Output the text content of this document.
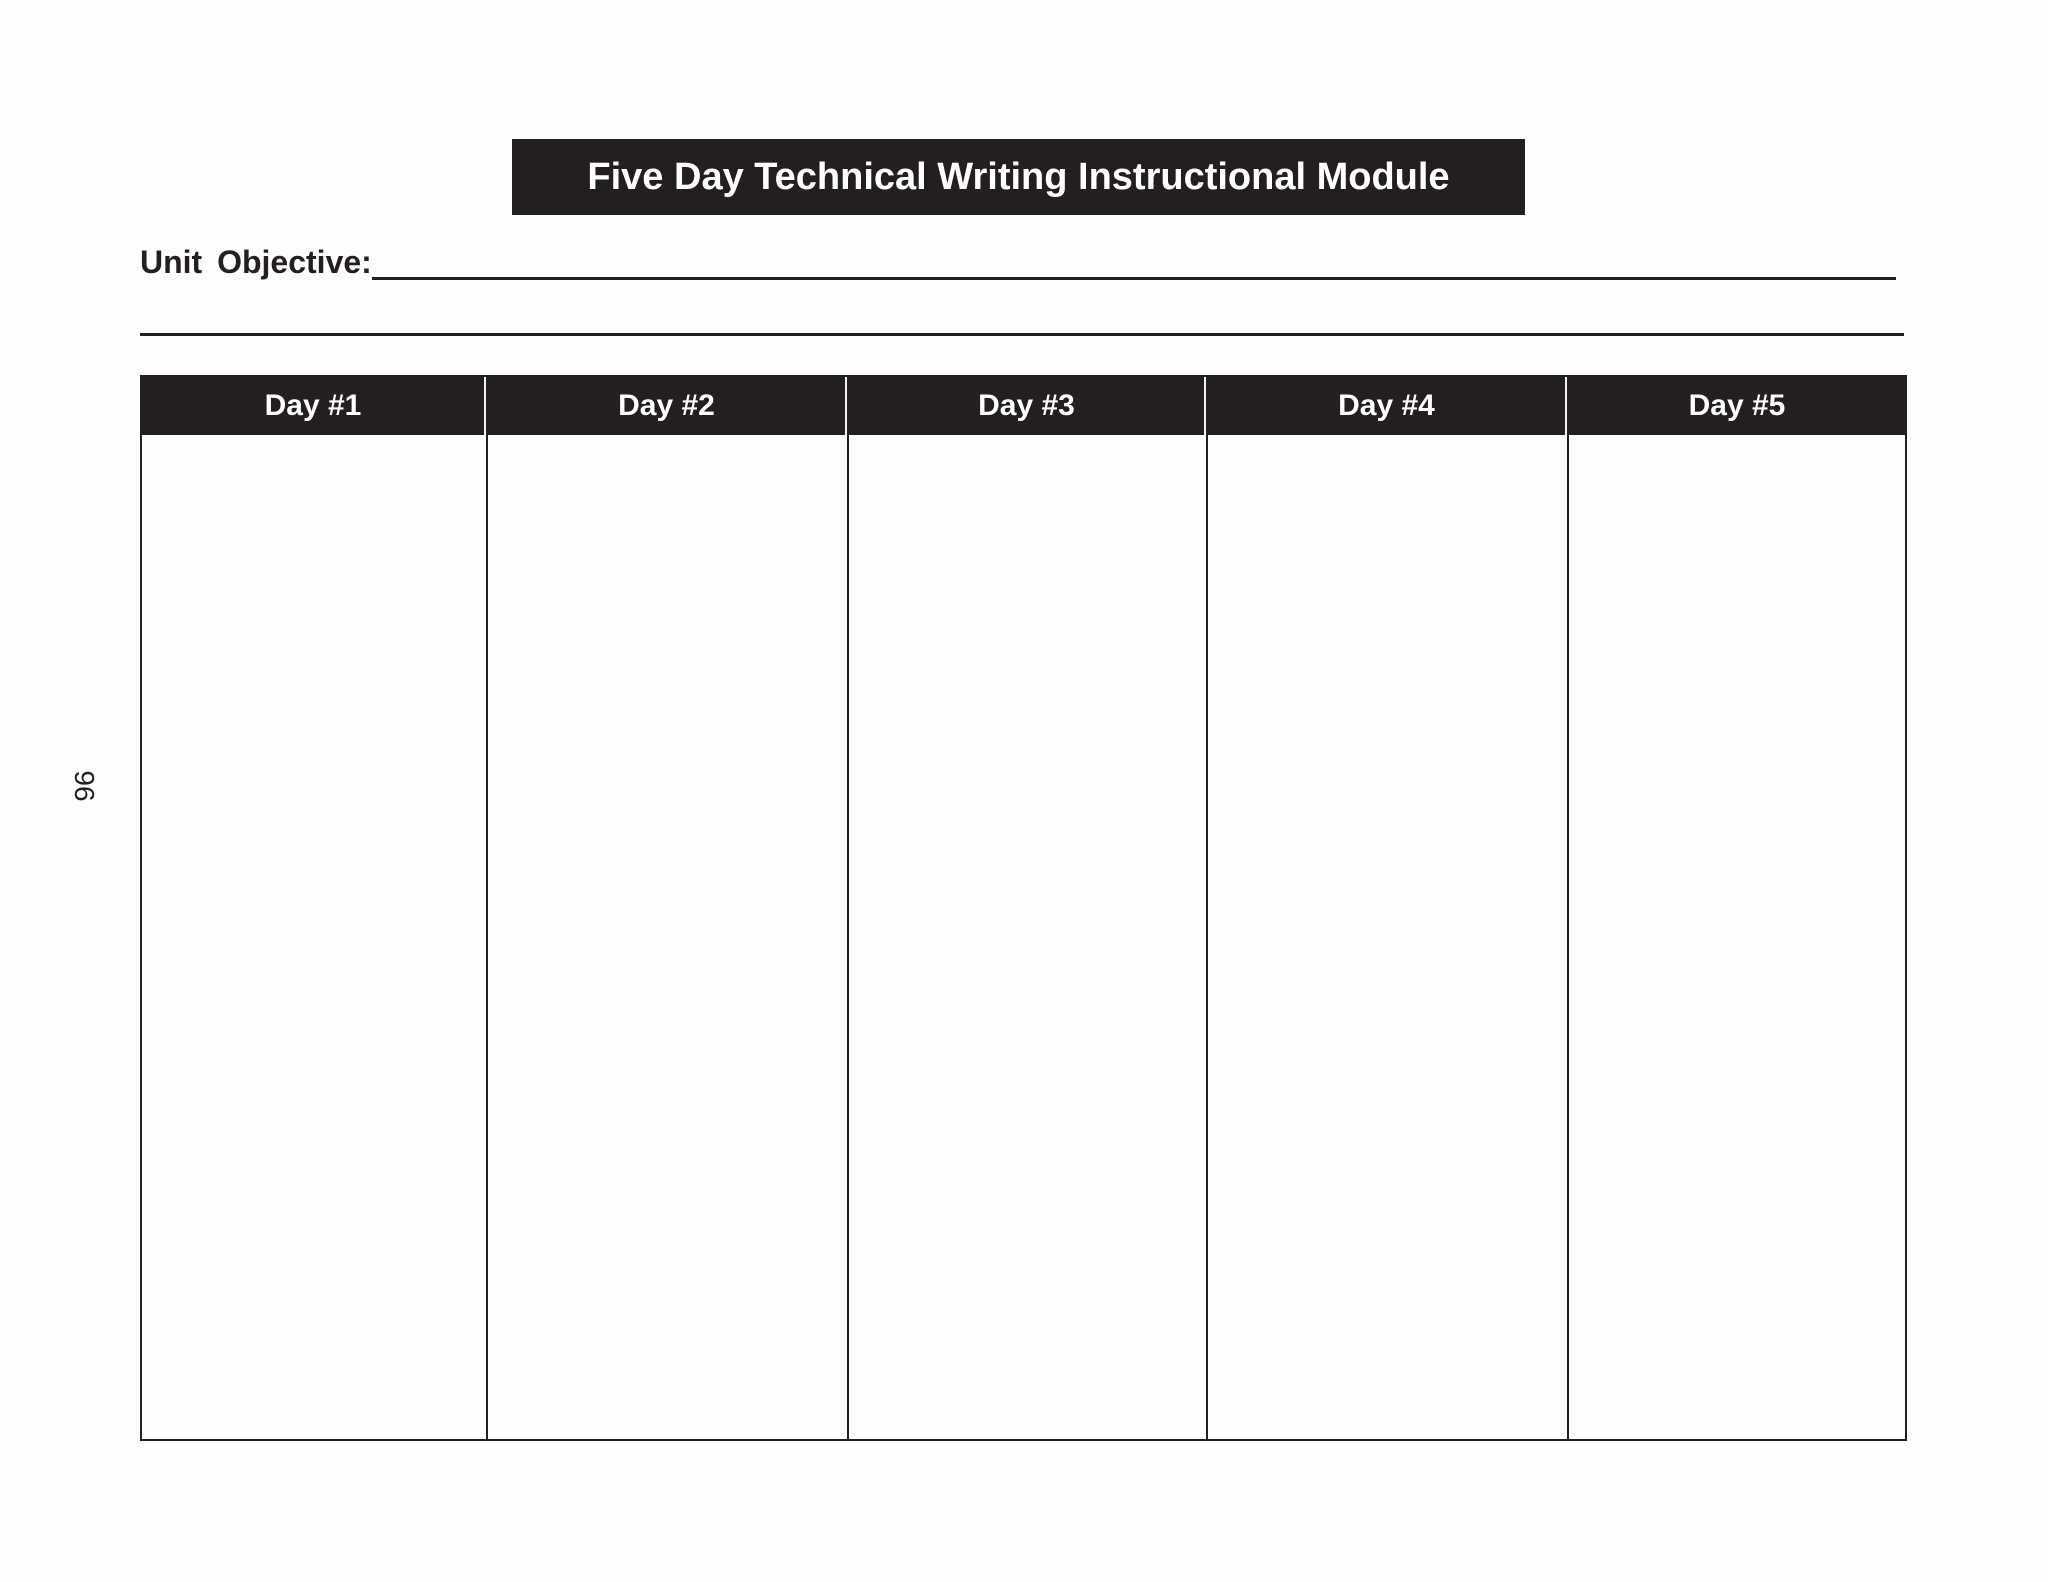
Five Day Technical Writing Instructional Module
Unit Objective:
Day #1	Day #2	Day #3	Day #4	Day #5
96
